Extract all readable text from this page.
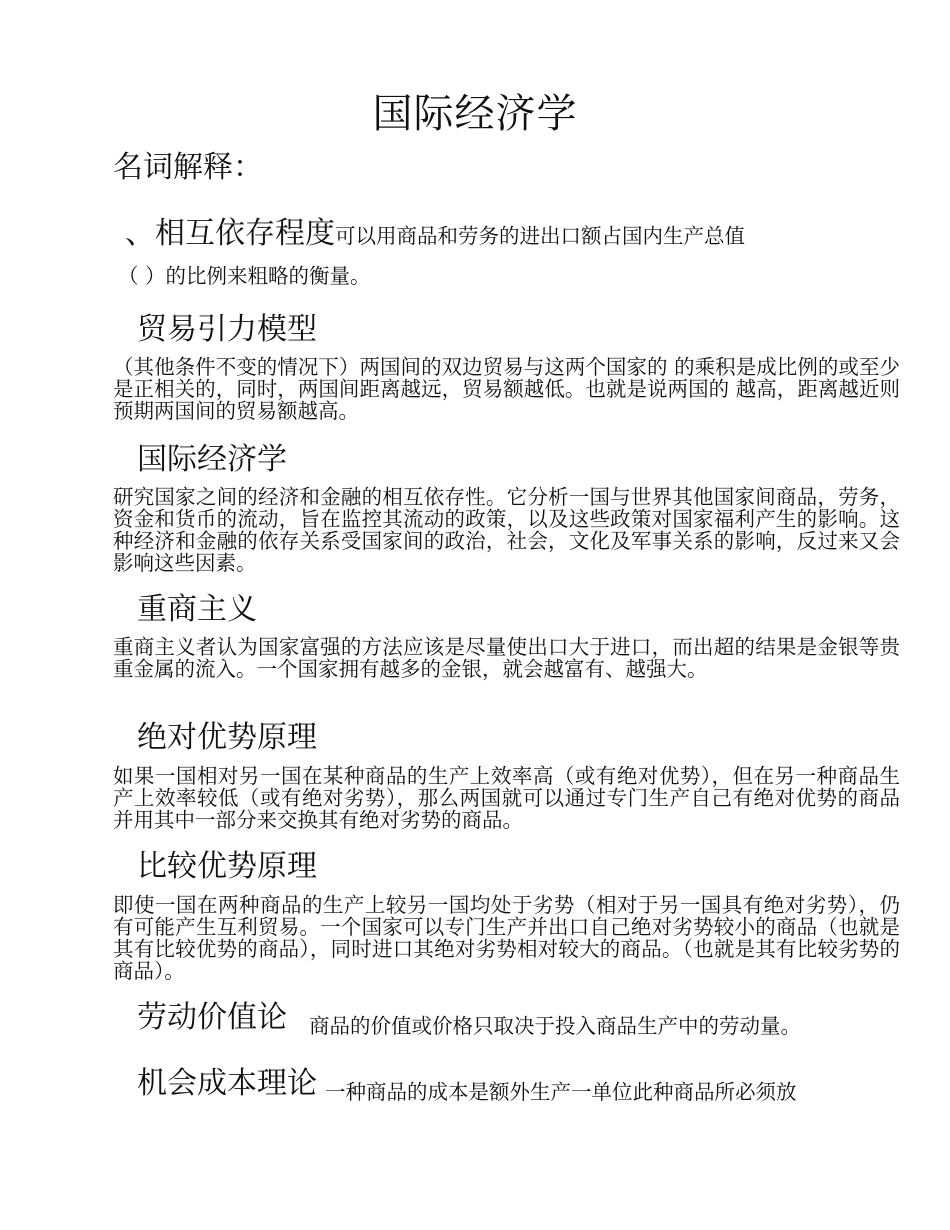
国际经济学
名词解释：
、相互依存程度可以用商品和劳务的进出口额占国内生产总值
（ ）的比例来粗略的衡量。
贸易引力模型
（其他条件不变的情况下）两国间的双边贸易与这两个国家的 的乘积是成比例的或至少是正相关的，同时，两国间距离越远，贸易额越低。也就是说两国的 越高，距离越近则预期两国间的贸易额越高。
国际经济学
研究国家之间的经济和金融的相互依存性。它分析一国与世界其他国家间商品，劳务，资金和货币的流动，旨在监控其流动的政策，以及这些政策对国家福利产生的影响。这种经济和金融的依存关系受国家间的政治，社会，文化及军事关系的影响，反过来又会影响这些因素。
重商主义
重商主义者认为国家富强的方法应该是尽量使出口大于进口，而出超的结果是金银等贵重金属的流入。一个国家拥有越多的金银，就会越富有、越强大。
绝对优势原理
如果一国相对另一国在某种商品的生产上效率高（或有绝对优势），但在另一种商品生产上效率较低（或有绝对劣势），那么两国就可以通过专门生产自己有绝对优势的商品并用其中一部分来交换其有绝对劣势的商品。
比较优势原理
即使一国在两种商品的生产上较另一国均处于劣势（相对于另一国具有绝对劣势），仍有可能产生互利贸易。一个国家可以专门生产并出口自己绝对劣势较小的商品（也就是其有比较优势的商品），同时进口其绝对劣势相对较大的商品。（也就是其有比较劣势的商品）。
劳动价值论 商品的价值或价格只取决于投入商品生产中的劳动量。
机会成本理论 一种商品的成本是额外生产一单位此种商品所必须放
